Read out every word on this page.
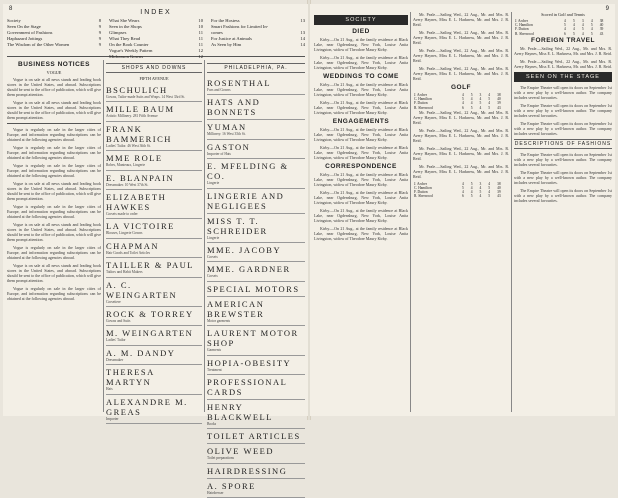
8	INDEX
Society	8
Seen On the Stage	9
Government of Fashions	9
Haphazard Jottings	9
The Wisdom of the Other Women	9
What She Wears	10
Seen in the Shops	10
Glimpses	11
What They Read	11
On the Book Counter	11
Vogue's Weekly Pattern	12
Midseason Gowns	12
For the Hostess	13
Smart Fashions for Limited In-
comes	13
For Justice at Animals	14
As Seen by Him	14
BUSINESS NOTICES
VOGUE

Vogue is on sale at all news stands and leading book stores in the United States, and abroad. Subscriptions should be sent to the office of publication, which will give them prompt attention.

Vogue is on sale at all news stands and leading book stores in the United States, and abroad. Subscriptions should be sent to the office of publication, which will give them prompt attention.

Vogue is regularly on sale in the larger cities of Europe, and information regarding subscriptions can be obtained at the following agencies abroad.

Vogue is regularly on sale in the larger cities of Europe, and information regarding subscriptions can be obtained at the following agencies abroad.

Vogue is regularly on sale in the larger cities of Europe, and information regarding subscriptions can be obtained at the following agencies abroad.

Vogue is on sale at all news stands and leading book stores in the United States, and abroad. Subscriptions should be sent to the office of publication, which will give them prompt attention.

Vogue is regularly on sale in the larger cities of Europe, and information regarding subscriptions can be obtained at the following agencies abroad.

Vogue is on sale at all news stands and leading book stores in the United States, and abroad. Subscriptions should be sent to the office of publication, which will give them prompt attention.

Vogue is regularly on sale in the larger cities of Europe, and information regarding subscriptions can be obtained at the following agencies abroad.

Vogue is on sale at all news stands and leading book stores in the United States, and abroad. Subscriptions should be sent to the office of publication, which will give them prompt attention.

Vogue is regularly on sale in the larger cities of Europe, and information regarding subscriptions can be obtained at the following agencies abroad.

SHOPS AND DOWNS
FIFTH AVENUE
BSCHULICH
Gowns, Tailor-made Suits and Wraps. 14 West 33rd St.
MILLE BAUM
Artistic Millinery. 281 Fifth Avenue
FRANK BAMMERICH
Ladies' Tailor. 46 West 36th St.
MME ROLE
Robes, Manteaux, Lingerie
E. BLANPAIN
Dressmaker. 10 West 37th St.
ELIZABETH HAWKES
Corsets made to order
LA VICTOIRE
Blouses, Lingerie Gowns
CHAPMAN
Hair Goods and Toilet Articles
TAILLER & PAUL
Tailors and Habit Makers
A. C. WEINGARTEN
Corsetiere
ROCK & TORREY
Gowns and Suits
M. WEINGARTEN
Ladies' Tailor
A. M. DANDY
Dressmaker
THERESA MARTYN
Hats
ALEXANDRE M. GREAS
Importer
PHILADELPHIA, PA.
ROSENTHAL
Furs and Gowns
HATS AND BONNETS
YUMAN
Millinery. 16 West 35th St.
GASTON
Importer of Hats
E. MFELDING & CO.
Lingerie
LINGERIE AND NEGLIGEES
MISS T. T. SCHREIDER
Lingerie
MME. JACOBY
Corsets
MME. GARDNER
Corsets
SPECIAL MOTORS
AMERICAN BREWSTER
Motor garments
LAURENT MOTOR SHOP
Garments
HOPIA-OBESITY
Treatment
PROFESSIONAL CARDS
HENRY BLACKWELL
Books
TOILET ARTICLES
OLIVE WEED
Toilet preparations
HAIRDRESSING
A. SPORE
Hairdresser
9
SOCIETY
DIED

Kirby.—On 21 Aug., at the family residence at Black Lake, near Ogdensburg, New York, Louise Anita Livingston, widow of Theodore Maury Kirby.

Kirby.—On 21 Aug., at the family residence at Black Lake, near Ogdensburg, New York, Louise Anita Livingston, widow of Theodore Maury Kirby.

WEDDINGS TO COME

Kirby.—On 21 Aug., at the family residence at Black Lake, near Ogdensburg, New York, Louise Anita Livingston, widow of Theodore Maury Kirby.

Kirby.—On 21 Aug., at the family residence at Black Lake, near Ogdensburg, New York, Louise Anita Livingston, widow of Theodore Maury Kirby.

ENGAGEMENTS

Kirby.—On 21 Aug., at the family residence at Black Lake, near Ogdensburg, New York, Louise Anita Livingston, widow of Theodore Maury Kirby.

Kirby.—On 21 Aug., at the family residence at Black Lake, near Ogdensburg, New York, Louise Anita Livingston, widow of Theodore Maury Kirby.

CORRESPONDENCE

Kirby.—On 21 Aug., at the family residence at Black Lake, near Ogdensburg, New York, Louise Anita Livingston, widow of Theodore Maury Kirby.

Kirby.—On 21 Aug., at the family residence at Black Lake, near Ogdensburg, New York, Louise Anita Livingston, widow of Theodore Maury Kirby.

Kirby.—On 21 Aug., at the family residence at Black Lake, near Ogdensburg, New York, Louise Anita Livingston, widow of Theodore Maury Kirby.

Kirby.—On 21 Aug., at the family residence at Black Lake, near Ogdensburg, New York, Louise Anita Livingston, widow of Theodore Maury Kirby.

Mr. Peale.—Sailing Wed., 22 Aug., Mr. and Mrs. R. Avery Haynes, Miss E. L. Harkness, Mr. and Mrs. J. R. Reid.

Mr. Peale.—Sailing Wed., 22 Aug., Mr. and Mrs. R. Avery Haynes, Miss E. L. Harkness, Mr. and Mrs. J. R. Reid.

Mr. Peale.—Sailing Wed., 22 Aug., Mr. and Mrs. R. Avery Haynes, Miss E. L. Harkness, Mr. and Mrs. J. R. Reid.

Mr. Peale.—Sailing Wed., 22 Aug., Mr. and Mrs. R. Avery Haynes, Miss E. L. Harkness, Mr. and Mrs. J. R. Reid.

GOLF
J. Archer	4	5	3	4	38
C. Hamilton	5	4	4	5	40
F. Dutton	4	4	5	4	39
R. Sherwood	6	5	4	5	43

Mr. Peale.—Sailing Wed., 22 Aug., Mr. and Mrs. R. Avery Haynes, Miss E. L. Harkness, Mr. and Mrs. J. R. Reid.

Mr. Peale.—Sailing Wed., 22 Aug., Mr. and Mrs. R. Avery Haynes, Miss E. L. Harkness, Mr. and Mrs. J. R. Reid.

Mr. Peale.—Sailing Wed., 22 Aug., Mr. and Mrs. R. Avery Haynes, Miss E. L. Harkness, Mr. and Mrs. J. R. Reid.

Mr. Peale.—Sailing Wed., 22 Aug., Mr. and Mrs. R. Avery Haynes, Miss E. L. Harkness, Mr. and Mrs. J. R. Reid.

J. Archer	4	5	3	4	38
C. Hamilton	5	4	4	5	40
F. Dutton	4	4	5	4	39
R. Sherwood	6	5	4	5	43
Scored in Golf and Tennis
J. Archer	4	5	3	4	38
C. Hamilton	5	4	4	5	40
F. Dutton	4	4	5	4	39
R. Sherwood	6	5	4	5	43
FOREIGN TRAVEL

Mr. Peale.—Sailing Wed., 22 Aug., Mr. and Mrs. R. Avery Haynes, Miss E. L. Harkness, Mr. and Mrs. J. R. Reid.

Mr. Peale.—Sailing Wed., 22 Aug., Mr. and Mrs. R. Avery Haynes, Miss E. L. Harkness, Mr. and Mrs. J. R. Reid.

SEEN ON THE STAGE

The Empire Theatre will open its doors on September 1st with a new play by a well-known author. The company includes several favourites.

The Empire Theatre will open its doors on September 1st with a new play by a well-known author. The company includes several favourites.

The Empire Theatre will open its doors on September 1st with a new play by a well-known author. The company includes several favourites.

DESCRIPTIONS OF FASHIONS

The Empire Theatre will open its doors on September 1st with a new play by a well-known author. The company includes several favourites.

The Empire Theatre will open its doors on September 1st with a new play by a well-known author. The company includes several favourites.

The Empire Theatre will open its doors on September 1st with a new play by a well-known author. The company includes several favourites.
